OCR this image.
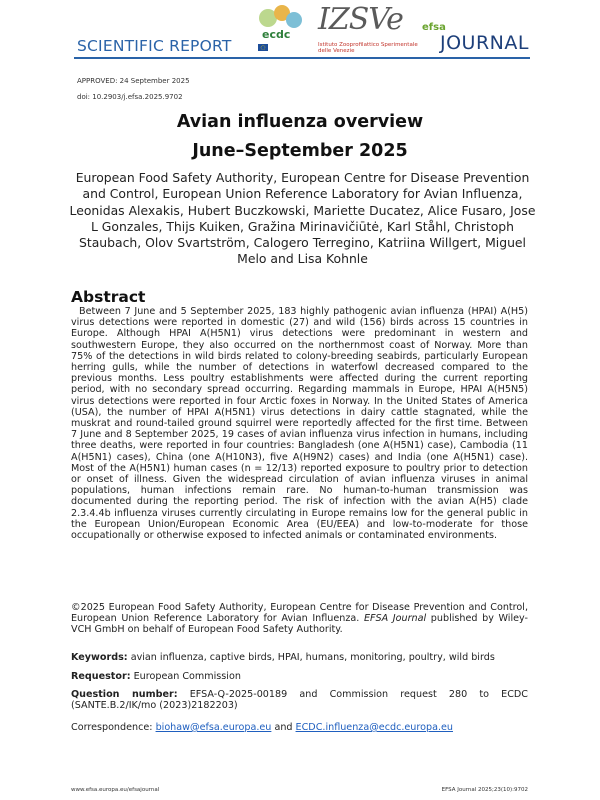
SCIENTIFIC REPORT
ecdc IZSVe
Istituto Zooprofilattico Sperimentale delle Venezie
efsa
JOURNAL
APPROVED: 24 September 2025
doi: 10.2903/j.efsa.2025.9702
Avian influenza overview
June–September 2025
European Food Safety Authority, European Centre for Disease Prevention and Control, European Union Reference Laboratory for Avian Influenza, Leonidas Alexakis, Hubert Buczkowski, Mariette Ducatez, Alice Fusaro, Jose L Gonzales, Thijs Kuiken, Gražina Mirinavičiūtė, Karl Ståhl, Christoph Staubach, Olov Svartström, Calogero Terregino, Katriina Willgert, Miguel Melo and Lisa Kohnle
Abstract
Between 7 June and 5 September 2025, 183 highly pathogenic avian influenza (HPAI) A(H5) virus detections were reported in domestic (27) and wild (156) birds across 15 countries in Europe. Although HPAI A(H5N1) virus detections were predominant in western and southwestern Europe, they also occurred on the northernmost coast of Norway. More than 75% of the detections in wild birds related to colony-breeding seabirds, particularly European herring gulls, while the number of detections in waterfowl decreased compared to the previous months. Less poultry establishments were affected during the current reporting period, with no secondary spread occurring. Regarding mammals in Europe, HPAI A(H5N5) virus detections were reported in four Arctic foxes in Norway. In the United States of America (USA), the number of HPAI A(H5N1) virus detections in dairy cattle stagnated, while the muskrat and round-tailed ground squirrel were reportedly affected for the first time. Between 7 June and 8 September 2025, 19 cases of avian influenza virus infection in humans, including three deaths, were reported in four countries: Bangladesh (one A(H5N1) case), Cambodia (11 A(H5N1) cases), China (one A(H10N3), five A(H9N2) cases) and India (one A(H5N1) case). Most of the A(H5N1) human cases (n = 12/13) reported exposure to poultry prior to detection or onset of illness. Given the widespread circulation of avian influenza viruses in animal populations, human infections remain rare. No human-to-human transmission was documented during the reporting period. The risk of infection with the avian A(H5) clade 2.3.4.4b influenza viruses currently circulating in Europe remains low for the general public in the European Union/European Economic Area (EU/EEA) and low-to-moderate for those occupationally or otherwise exposed to infected animals or contaminated environments.
©2025 European Food Safety Authority, European Centre for Disease Prevention and Control, European Union Reference Laboratory for Avian Influenza. EFSA Journal published by Wiley-VCH GmbH on behalf of European Food Safety Authority.
Keywords: avian influenza, captive birds, HPAI, humans, monitoring, poultry, wild birds
Requestor: European Commission
Question number: EFSA-Q-2025-00189 and Commission request 280 to ECDC (SANTE.B.2/IK/mo (2023)2182203)
Correspondence: biohaw@efsa.europa.eu and ECDC.influenza@ecdc.europa.eu
www.efsa.europa.eu/efsajournal	EFSA Journal 2025;23(10):9702
